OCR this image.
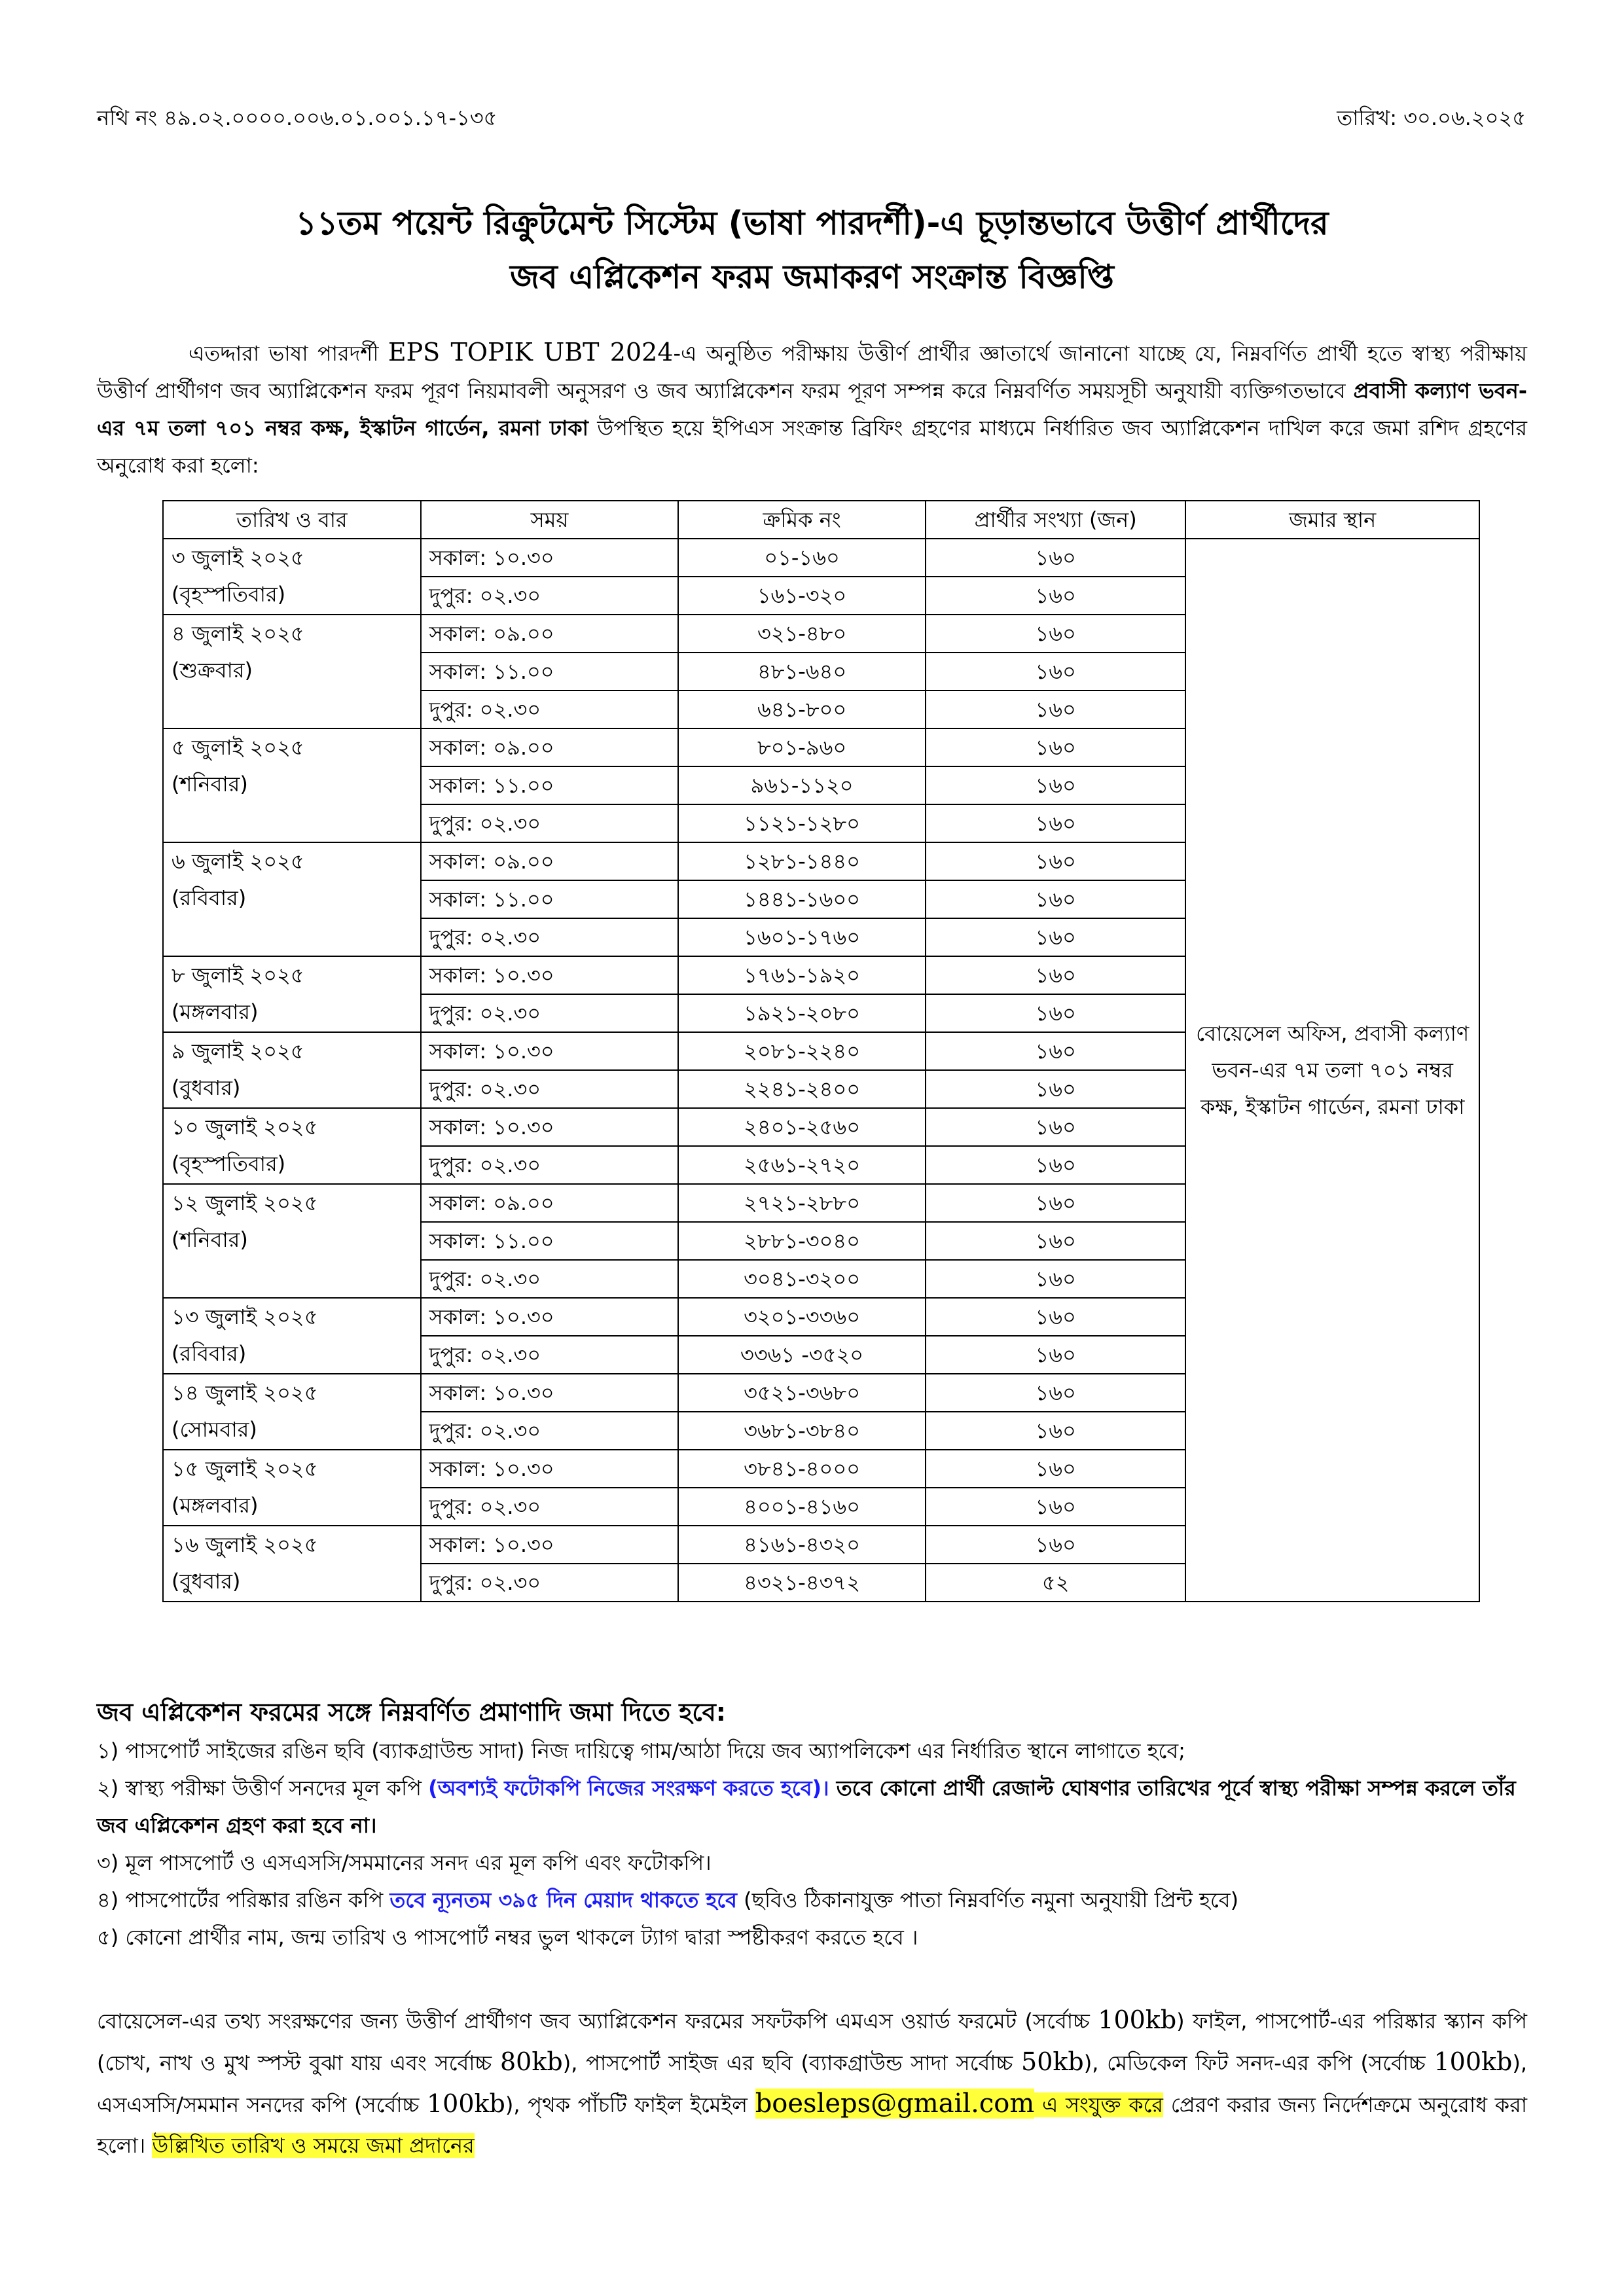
নথি নং ৪৯.০২.০০০০.০০৬.০১.০০১.১৭-১৩৫	তারিখ: ৩০.০৬.২০২৫
১১তম পয়েন্ট রিক্রুটমেন্ট সিস্টেম (ভাষা পারদর্শী)-এ চূড়ান্তভাবে উত্তীর্ণ প্রার্থীদের
জব এপ্লিকেশন ফরম জমাকরণ সংক্রান্ত বিজ্ঞপ্তি
এতদ্দারা ভাষা পারদর্শী EPS TOPIK UBT 2024-এ অনুষ্ঠিত পরীক্ষায় উত্তীর্ণ প্রার্থীর জ্ঞাতার্থে জানানো যাচ্ছে যে, নিম্নবর্ণিত প্রার্থী হতে স্বাস্থ্য পরীক্ষায় উত্তীর্ণ প্রার্থীগণ জব অ্যাপ্লিকেশন ফরম পূরণ নিয়মাবলী অনুসরণ ও জব অ্যাপ্লিকেশন ফরম পূরণ সম্পন্ন করে নিম্নবর্ণিত সময়সূচী অনুযায়ী ব্যক্তিগতভাবে প্রবাসী কল্যাণ ভবন-এর ৭ম তলা ৭০১ নম্বর কক্ষ, ইস্কাটন গার্ডেন, রমনা ঢাকা উপস্থিত হয়ে ইপিএস সংক্রান্ত ব্রিফিং গ্রহণের মাধ্যমে নির্ধারিত জব অ্যাপ্লিকেশন দাখিল করে জমা রশিদ গ্রহণের অনুরোধ করা হলো:
তারিখ ও বার	সময়	ক্রমিক নং	প্রার্থীর সংখ্যা (জন)	জমার স্থান

৩ জুলাই ২০২৫
(বৃহস্পতিবার)	সকাল: ১০.৩০	০১-১৬০	১৬০	বোয়েসেল অফিস, প্রবাসী কল্যাণ ভবন-এর ৭ম তলা ৭০১ নম্বর কক্ষ, ইস্কাটন গার্ডেন, রমনা ঢাকা
	দুপুর: ০২.৩০	১৬১-৩২০	১৬০	

৪ জুলাই ২০২৫
(শুক্রবার)	সকাল: ০৯.০০	৩২১-৪৮০	১৬০	
	সকাল: ১১.০০	৪৮১-৬৪০	১৬০	
	দুপুর: ০২.৩০	৬৪১-৮০০	১৬০	

৫ জুলাই ২০২৫
(শনিবার)	সকাল: ০৯.০০	৮০১-৯৬০	১৬০	
	সকাল: ১১.০০	৯৬১-১১২০	১৬০	
	দুপুর: ০২.৩০	১১২১-১২৮০	১৬০	

৬ জুলাই ২০২৫
(রবিবার)	সকাল: ০৯.০০	১২৮১-১৪৪০	১৬০	
	সকাল: ১১.০০	১৪৪১-১৬০০	১৬০	
	দুপুর: ০২.৩০	১৬০১-১৭৬০	১৬০	

৮ জুলাই ২০২৫
(মঙ্গলবার)	সকাল: ১০.৩০	১৭৬১-১৯২০	১৬০	
	দুপুর: ০২.৩০	১৯২১-২০৮০	১৬০	

৯ জুলাই ২০২৫
(বুধবার)	সকাল: ১০.৩০	২০৮১-২২৪০	১৬০	
	দুপুর: ০২.৩০	২২৪১-২৪০০	১৬০	

১০ জুলাই ২০২৫
(বৃহস্পতিবার)	সকাল: ১০.৩০	২৪০১-২৫৬০	১৬০	
	দুপুর: ০২.৩০	২৫৬১-২৭২০	১৬০	

১২ জুলাই ২০২৫
(শনিবার)	সকাল: ০৯.০০	২৭২১-২৮৮০	১৬০	
	সকাল: ১১.০০	২৮৮১-৩০৪০	১৬০	
	দুপুর: ০২.৩০	৩০৪১-৩২০০	১৬০	

১৩ জুলাই ২০২৫
(রবিবার)	সকাল: ১০.৩০	৩২০১-৩৩৬০	১৬০	
	দুপুর: ০২.৩০	৩৩৬১ -৩৫২০	১৬০	

১৪ জুলাই ২০২৫
(সোমবার)	সকাল: ১০.৩০	৩৫২১-৩৬৮০	১৬০	
	দুপুর: ০২.৩০	৩৬৮১-৩৮৪০	১৬০	

১৫ জুলাই ২০২৫
(মঙ্গলবার)	সকাল: ১০.৩০	৩৮৪১-৪০০০	১৬০	
	দুপুর: ০২.৩০	৪০০১-৪১৬০	১৬০	

১৬ জুলাই ২০২৫
(বুধবার)	সকাল: ১০.৩০	৪১৬১-৪৩২০	১৬০	
	দুপুর: ০২.৩০	৪৩২১-৪৩৭২	৫২	
জব এপ্লিকেশন ফরমের সঙ্গে নিম্নবর্ণিত প্রমাণাদি জমা দিতে হবে:
১) পাসপোর্ট সাইজের রঙিন ছবি (ব্যাকগ্রাউন্ড সাদা) নিজ দায়িত্বে গাম/আঠা দিয়ে জব অ্যাপলিকেশ এর নির্ধারিত স্থানে লাগাতে হবে;
২) স্বাস্থ্য পরীক্ষা উত্তীর্ণ সনদের মূল কপি (অবশ্যই ফটোকপি নিজের সংরক্ষণ করতে হবে)। তবে কোনো প্রার্থী রেজাল্ট ঘোষণার তারিখের পূর্বে স্বাস্থ্য পরীক্ষা সম্পন্ন করলে তাঁর জব এপ্লিকেশন গ্রহণ করা হবে না।
৩) মূল পাসপোর্ট ও এসএসসি/সমমানের সনদ এর মূল কপি এবং ফটোকপি।
৪) পাসপোর্টের পরিষ্কার রঙিন কপি তবে ন্যূনতম ৩৯৫ দিন মেয়াদ থাকতে হবে (ছবিও ঠিকানাযুক্ত পাতা নিম্নবর্ণিত নমুনা অনুযায়ী প্রিন্ট হবে)
৫) কোনো প্রার্থীর নাম, জন্ম তারিখ ও পাসপোর্ট নম্বর ভুল থাকলে ট্যাগ দ্বারা স্পষ্টীকরণ করতে হবে ।
বোয়েসেল-এর তথ্য সংরক্ষণের জন্য উত্তীর্ণ প্রার্থীগণ জব অ্যাপ্লিকেশন ফরমের সফটকপি এমএস ওয়ার্ড ফরমেট (সর্বোচ্চ 100kb) ফাইল, পাসপোর্ট-এর পরিষ্কার স্ক্যান কপি (চোখ, নাখ ও মুখ স্পস্ট বুঝা যায় এবং সর্বোচ্চ 80kb), পাসপোর্ট সাইজ এর ছবি (ব্যাকগ্রাউন্ড সাদা সর্বোচ্চ 50kb), মেডিকেল ফিট সনদ-এর কপি (সর্বোচ্চ 100kb), এসএসসি/সমমান সনদের কপি (সর্বোচ্চ 100kb), পৃথক পাঁচটি ফাইল ইমেইল boesleps@gmail.com এ সংযুক্ত করে প্রেরণ করার জন্য নির্দেশক্রমে অনুরোধ করা হলো। উল্লিখিত তারিখ ও সময়ে জমা প্রদানের
